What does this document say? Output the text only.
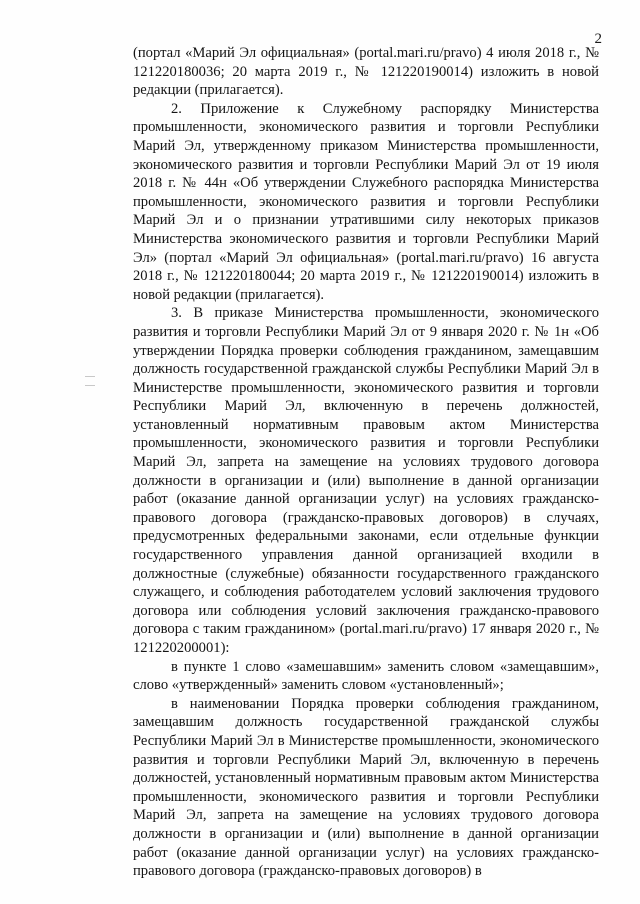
2

(портал «Марий Эл официальная» (portal.mari.ru/pravo) 4 июля 2018 г., № 121220180036; 20 марта 2019 г., № 121220190014) изложить в новой редакции (прилагается).

2. Приложение к Служебному распорядку Министерства промышленности, экономического развития и торговли Республики Марий Эл, утвержденному приказом Министерства промышленности, экономического развития и торговли Республики Марий Эл от 19 июля 2018 г. № 44н «Об утверждении Служебного распорядка Министерства промышленности, экономического развития и торговли Республики Марий Эл и о признании утратившими силу некоторых приказов Министерства экономического развития и торговли Республики Марий Эл» (портал «Марий Эл официальная» (portal.mari.ru/pravo) 16 августа 2018 г., № 121220180044; 20 марта 2019 г., № 121220190014) изложить в новой редакции (прилагается).

3. В приказе Министерства промышленности, экономического развития и торговли Республики Марий Эл от 9 января 2020 г. № 1н «Об утверждении Порядка проверки соблюдения гражданином, замещавшим должность государственной гражданской службы Республики Марий Эл в Министерстве промышленности, экономического развития и торговли Республики Марий Эл, включенную в перечень должностей, установленный нормативным правовым актом Министерства промышленности, экономического развития и торговли Республики Марий Эл, запрета на замещение на условиях трудового договора должности в организации и (или) выполнение в данной организации работ (оказание данной организации услуг) на условиях гражданско-правового договора (гражданско-правовых договоров) в случаях, предусмотренных федеральными законами, если отдельные функции государственного управления данной организацией входили в должностные (служебные) обязанности государственного гражданского служащего, и соблюдения работодателем условий заключения трудового договора или соблюдения условий заключения гражданско-правового договора с таким гражданином» (portal.mari.ru/pravo) 17 января 2020 г., № 121220200001):

в пункте 1 слово «замешавшим» заменить словом «замещавшим», слово «утвержденный» заменить словом «установленный»;

в наименовании Порядка проверки соблюдения гражданином, замещавшим должность государственной гражданской службы Республики Марий Эл в Министерстве промышленности, экономического развития и торговли Республики Марий Эл, включенную в перечень должностей, установленный нормативным правовым актом Министерства промышленности, экономического развития и торговли Республики Марий Эл, запрета на замещение на условиях трудового договора должности в организации и (или) выполнение в данной организации работ (оказание данной организации услуг) на условиях гражданско-правового договора (гражданско-правовых договоров) в
